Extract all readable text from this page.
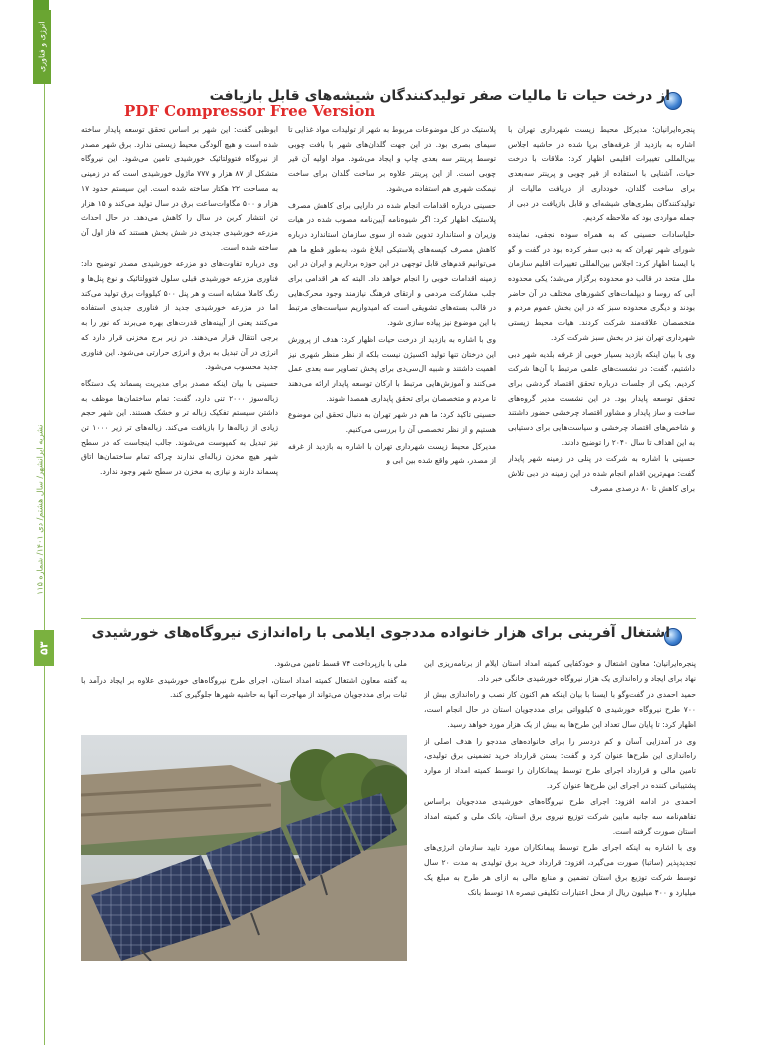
انرژی و فناوری
نشریه ایرانشهر/ سال هشتم/ دی ۱۴۰۱/ شماره ۱۱۵
۵۳
از درخت حیات تا مالیات صفر تولیدکنندگان شیشه‌های قابل بازیافت
PDF Compressor Free Version

پنجره‌ایرانیان؛ مدیرکل محیط زیست شهرداری تهران با اشاره به بازدید از غرفه‌های برپا شده در حاشیه اجلاس بین‌المللی تغییرات اقلیمی اظهار کرد: ملاقات با درخت حیات، آشنایی با استفاده از قیر چوبی و پرینتر سه‌بعدی برای ساخت گلدان، خودداری از دریافت مالیات از تولیدکنندگان بطری‌های شیشه‌ای و قابل بازیافت در دبی از جمله مواردی بود که ملاحظه کردیم.

حلیاسادات حسینی که به همراه سوده نجفی، نماینده شورای شهر تهران که به دبی سفر کرده بود در گفت و گو با ایسنا اظهار کرد: اجلاس بین‌المللی تغییرات اقلیم سازمان ملل متحد در قالب دو محدوده برگزار می‌شد؛ یکی محدوده آبی که روسا و دیپلمات‌های کشورهای مختلف در آن حاضر بودند و دیگری محدوده سبز که در این بخش عموم مردم و متخصصان علاقه‌مند شرکت کردند. هیات محیط زیستی شهرداری تهران نیز در بخش سبز شرکت کرد.

وی با بیان اینکه بازدید بسیار خوبی از غرفه بلدیه شهر دبی داشتیم، گفت: در نشست‌های علمی مرتبط با آن‌ها شرکت کردیم. یکی از جلسات درباره تحقق اقتصاد گردشی برای تحقق توسعه پایدار بود. در این نشست مدیر گروه‌های ساخت و ساز پایدار و مشاور اقتصاد چرخشی حضور داشتند و شاخص‌های اقتصاد چرخشی و سیاست‌هایی برای دستیابی به این اهداف تا سال ۲۰۴۰ را توضیح دادند.

حسینی با اشاره به شرکت در پنلی در زمینه شهر پایدار گفت: مهم‌ترین اقدام انجام شده در این زمینه در دبی تلاش برای کاهش تا ۸۰ درصدی مصرف

پلاستیک در کل موضوعات مربوط به شهر از تولیدات مواد غذایی تا سیمای بصری بود. در این جهت گلدان‌های شهر با بافت چوبی توسط پرینتر سه بعدی چاپ و ایجاد می‌شود. مواد اولیه آن قیر چوبی است. از این پرینتر علاوه بر ساخت گلدان برای ساخت نیمکت شهری هم استفاده می‌شود.

حسینی درباره اقدامات انجام شده در دارایی برای کاهش مصرف پلاستیک اظهار کرد: اگر شیوه‌نامه آیین‌نامه مصوب شده در هیات وزیران و استاندارد تدوین شده از سوی سازمان استاندارد درباره کاهش مصرف کیسه‌های پلاستیکی ابلاغ شود، به‌طور قطع ما هم می‌توانیم قدم‌های قابل توجهی در این حوزه برداریم و ایران در این زمینه اقدامات خوبی را انجام خواهد داد. البته که هر اقدامی برای جلب مشارکت مردمی و ارتقای فرهنگ نیازمند وجود محرک‌هایی در قالب بسته‌های تشویقی است که امیدواریم سیاست‌های مرتبط با این موضوع نیز پیاده سازی شود.

وی با اشاره به بازدید از درخت حیات اظهار کرد: هدف از پرورش این درختان تنها تولید اکسیژن نیست بلکه از نظر منظر شهری نیز اهمیت داشتند و شبیه ال‌سی‌دی برای پخش تصاویر سه بعدی عمل می‌کنند و آموزش‌هایی مرتبط با ارکان توسعه پایدار ارائه می‌دهند تا مردم و متخصصان برای تحقق پایداری همصدا شوند.

حسینی تاکید کرد: ما هم در شهر تهران به دنبال تحقق این موضوع هستیم و از نظر تخصصی آن را بررسی می‌کنیم.

مدیرکل محیط زیست شهرداری تهران با اشاره به بازدید از غرفه از مصدر، شهر واقع شده بین ابی و

ابوظبی گفت: این شهر بر اساس تحقق توسعه پایدار ساخته شده است و هیچ آلودگی محیط زیستی ندارد. برق شهر مصدر از نیروگاه فتوولتائیک خورشیدی تامین می‌شود. این نیروگاه متشکل از ۸۷ هزار و ۷۷۷ ماژول خورشیدی است که در زمینی به مساحت ۲۲ هکتار ساخته شده است. این سیستم حدود ۱۷ هزار و ۵۰۰ مگاوات‌ساعت برق در سال تولید می‌کند و ۱۵ هزار تن انتشار کربن در سال را کاهش می‌دهد. در حال احداث مزرعه خورشیدی جدیدی در شش بخش هستند که فاز اول آن ساخته شده است.

وی درباره تفاوت‌های دو مزرعه خورشیدی مصدر توضیح داد: فناوری مزرعه خورشیدی قبلی سلول فتوولتائیک و نوع پنل‌ها و رنگ کاملا مشابه است و هر پنل ۵۰۰ کیلووات برق تولید می‌کند اما در مزرعه خورشیدی جدید از فناوری جدیدی استفاده می‌کنند یعنی از آیینه‌های قدرت‌های بهره می‌برند که نور را به برجی انتقال قرار می‌دهند. در زیر برج مخزنی قرار دارد که انرژی در آن تبدیل به برق و انرژی حرارتی می‌شود. این فناوری جدید محسوب می‌شود.

حسینی با بیان اینکه مصدر برای مدیریت پسماند یک دستگاه زباله‌سوز ۲۰۰۰ تنی دارد، گفت: تمام ساختمان‌ها موظف به داشتن سیستم تفکیک زباله تر و خشک هستند. این شهر حجم زیادی از زباله‌ها را بازیافت می‌کند. زباله‌های تر زیر ۱۰۰۰ تن نیز تبدیل به کمپوست می‌شوند. جالب اینجاست که در سطح شهر هیچ مخزن زباله‌ای ندارند چراکه تمام ساختمان‌ها اتاق پسماند دارند و نیازی به مخزن در سطح شهر وجود ندارد.

اشتغال آفرینی برای هزار خانواده مددجوی ایلامی با راه‌اندازی نیروگاه‌های خورشیدی

پنجره‌ایرانیان؛ معاون اشتغال و خودکفایی کمیته امداد استان ایلام از برنامه‌ریزی این نهاد برای ایجاد و راه‌اندازی یک هزار نیروگاه خورشیدی خانگی خبر داد.

حمید احمدی در گفت‌وگو با ایسنا با بیان اینکه هم اکنون کار نصب و راه‌اندازی بیش از ۷۰۰ طرح نیروگاه خورشیدی ۵ کیلوواتی برای مددجویان استان در حال انجام است، اظهار کرد: تا پایان سال تعداد این طرح‌ها به بیش از یک هزار مورد خواهد رسید.

وی در آمدزایی آسان و کم دردسر را برای خانواده‌های مددجو را هدف اصلی از راه‌اندازی این طرح‌ها عنوان کرد و گفت: بستن قرارداد خرید تضمینی برق تولیدی، تامین مالی و قرارداد اجرای طرح توسط پیمانکاران را توسط کمیته امداد از موارد پشتیبانی کننده در اجرای این طرح‌ها عنوان کرد.

احمدی در ادامه افزود: اجرای طرح نیروگاه‌های خورشیدی مددجویان براساس تفاهم‌نامه سه جانبه مابین شرکت توزیع نیروی برق استان، بانک ملی و کمیته امداد استان صورت گرفته است.

وی با اشاره به اینکه اجرای طرح توسط پیمانکاران مورد تایید سازمان انرژی‌های تجدیدپذیر (ساتبا) صورت می‌گیرد، افزود: قرارداد خرید برق تولیدی به مدت ۲۰ سال توسط شرکت توزیع برق استان تضمین و منابع مالی به ازای هر طرح به مبلغ یک میلیارد و ۴۰۰ میلیون ریال از محل اعتبارات تکلیفی تبصره ۱۸ توسط بانک

ملی با بازپرداخت ۷۴ قسط تامین می‌شود.

به گفته معاون اشتغال کمیته امداد استان، اجرای طرح نیروگاه‌های خورشیدی علاوه بر ایجاد درآمد با ثبات برای مددجویان می‌تواند از مهاجرت آنها به حاشیه شهرها جلوگیری کند.
